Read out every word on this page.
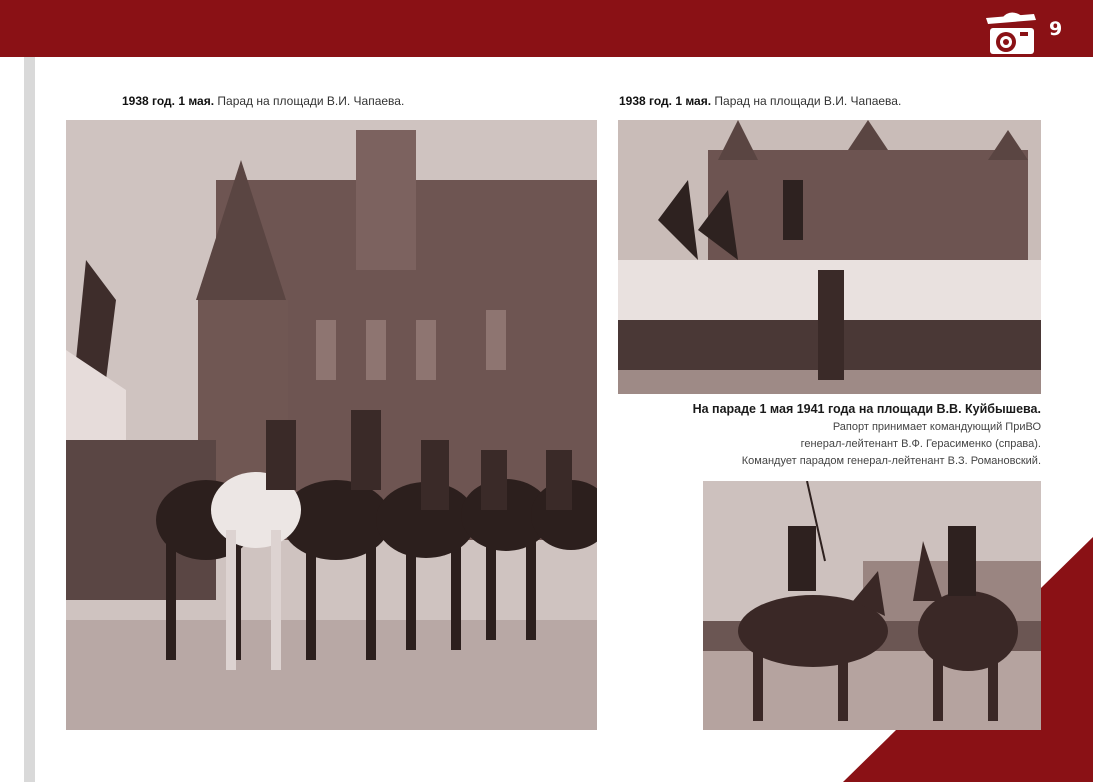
9
1938 год. 1 мая. Парад на площади В.И. Чапаева.	1938 год. 1 мая. Парад на площади В.И. Чапаева.
На параде 1 мая 1941 года на площади В.В. Куйбышева.
Рапорт принимает командующий ПриВО
генерал-лейтенант В.Ф. Герасименко (справа).
Командует парадом генерал-лейтенант В.З. Романовский.
